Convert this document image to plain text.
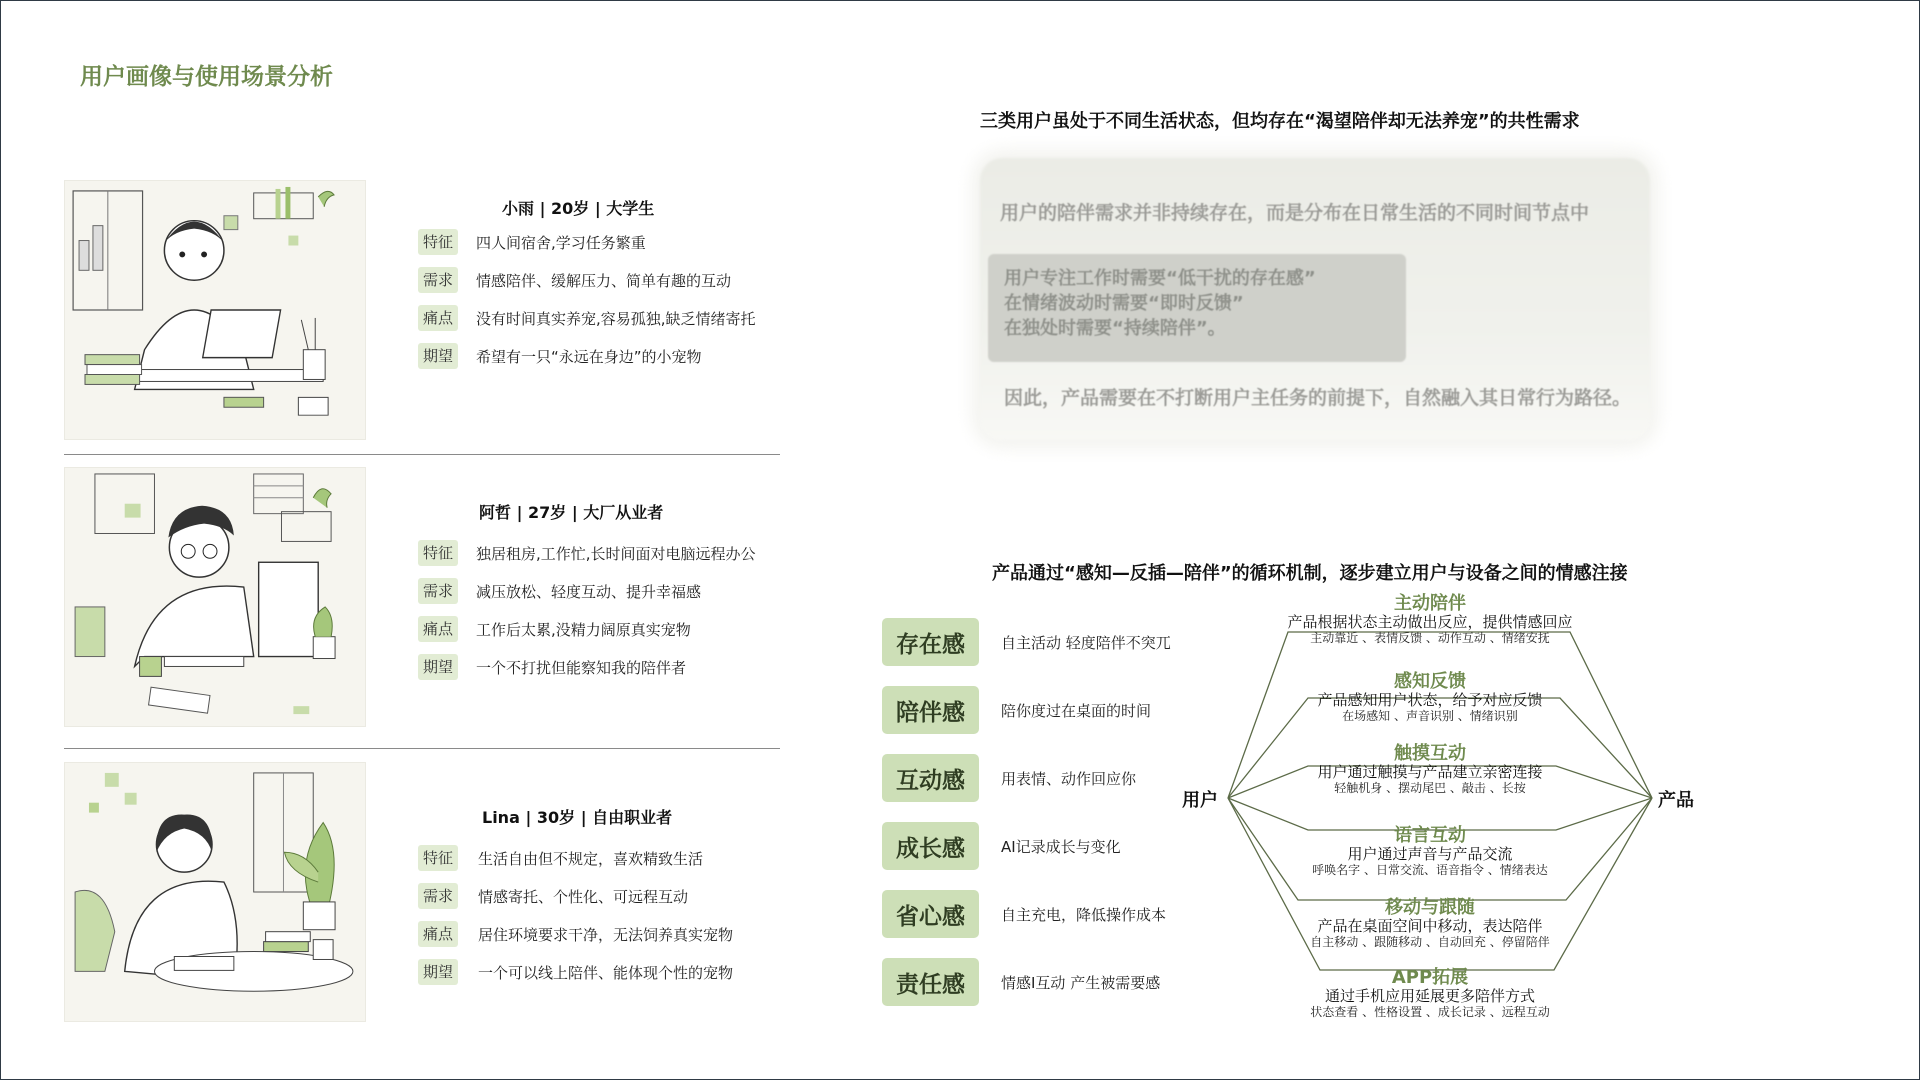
用户画像与使用场景分析
小雨 | 20岁 | 大学生
特征	四人间宿舍,学习任务繁重
需求	情感陪伴、缓解压力、简单有趣的互动
痛点	没有时间真实养宠,容易孤独,缺乏情绪寄托
期望	希望有一只“永远在身边”的小宠物
阿哲 | 27岁 | 大厂从业者
特征	独居租房,工作忙,长时间面对电脑远程办公
需求	减压放松、轻度互动、提升幸福感
痛点	工作后太累,没精力阔原真实宠物
期望	一个不打扰但能察知我的陪伴者
Lina | 30岁 | 自由职业者
特征	生活自由但不规定，喜欢精致生活
需求	情感寄托、个性化、可远程互动
痛点	居住环境要求干净，无法饲养真实宠物
期望	一个可以线上陪伴、能体现个性的宠物
三类用户虽处于不同生活状态，但均存在“渴望陪伴却无法养宠”的共性需求
用户的陪伴需求并非持续存在，而是分布在日常生活的不同时间节点中
用户专注工作时需要“低干扰的存在感”
在情绪波动时需要“即时反馈”
在独处时需要“持续陪伴”。
因此，产品需要在不打断用户主任务的前提下，自然融入其日常行为路径。
产品通过“感知—反插—陪伴”的循环机制，逐步建立用户与设备之间的情感注接
存在感	自主活动 轻度陪伴不突兀
陪伴感	陪你度过在桌面的时间
互动感	用表情、动作回应你
成长感	AI记录成长与变化
省心感	自主充电，降低操作成本
责任感	情感I互动 产生被需要感
用户	产品
主动陪伴
产品根据状态主动做出反应，提供情感回应
主动靠近 、表情反馈 、动作互动 、情绪安抚
感知反馈
产品感知用户状态，给予对应反馈
在场感知 、声音识别 、情绪识别
触摸互动
用户通过触摸与产品建立亲密连接
轻触机身 、摆动尾巴 、敲击 、长按
语言互动
用户通过声音与产品交流
呼唤名字 、日常交流、语音指令 、情绪表达
移动与跟随
产品在桌面空间中移动，表达陪伴
自主移动 、跟随移动 、自动回充 、停留陪伴
APP拓展
通过手机应用延展更多陪伴方式
状态查看 、性格设置 、成长记录 、远程互动
